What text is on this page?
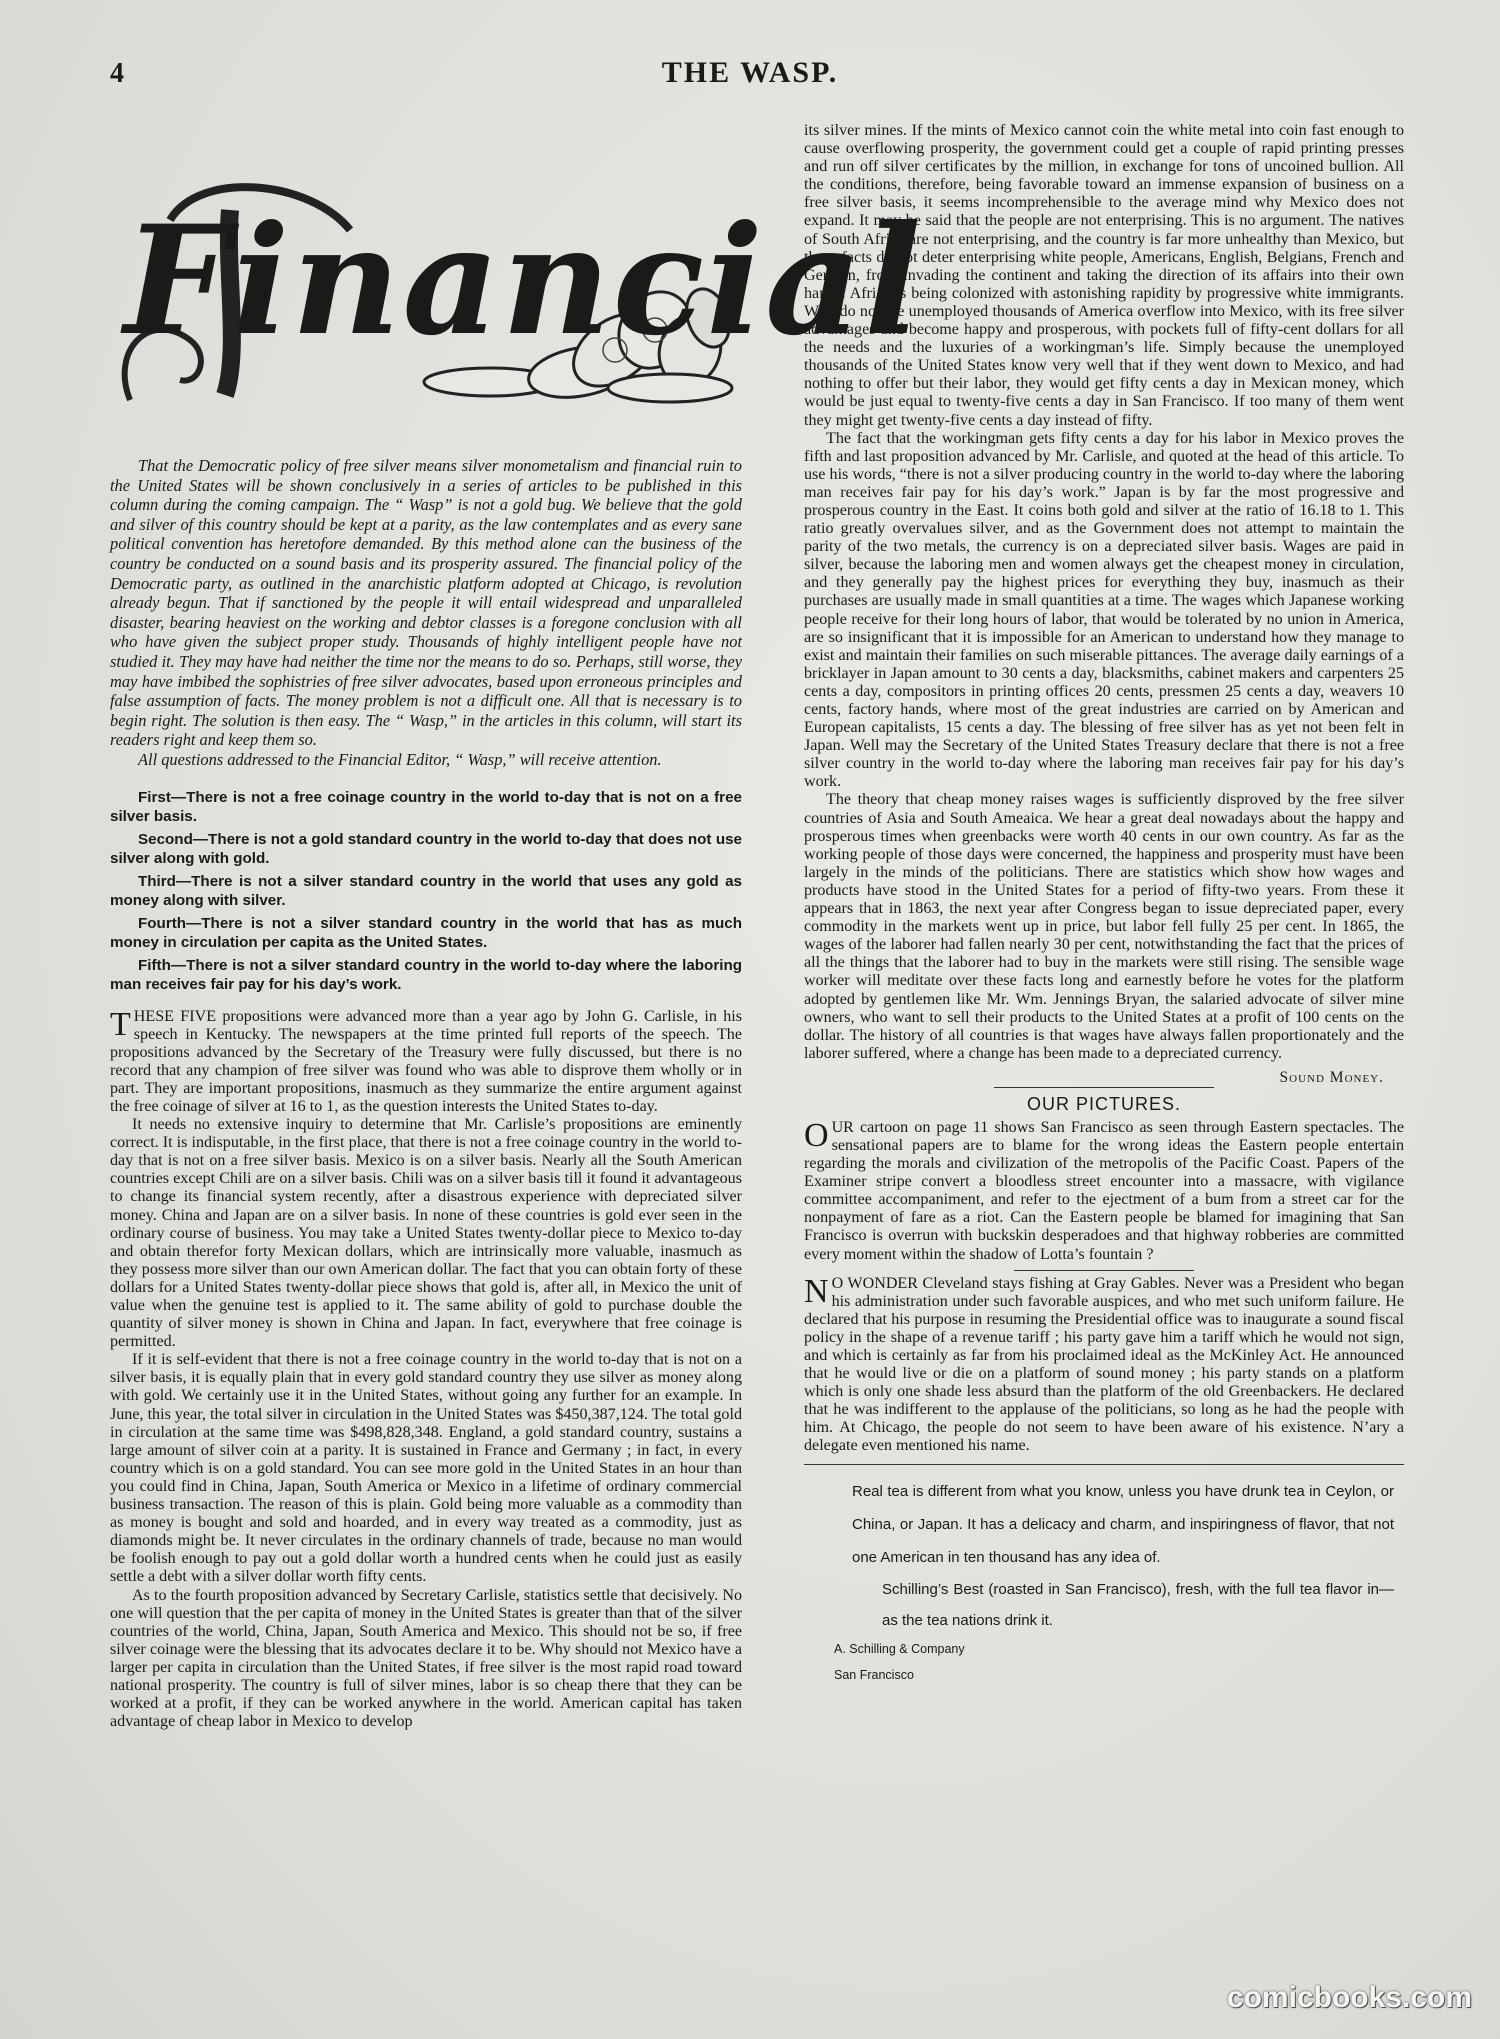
4	THE WASP.
Financial

That the Democratic policy of free silver means silver monometalism and financial ruin to the United States will be shown conclusively in a series of articles to be published in this column during the coming campaign. The “ Wasp” is not a gold bug. We believe that the gold and silver of this country should be kept at a parity, as the law contemplates and as every sane political convention has heretofore demanded. By this method alone can the business of the country be conducted on a sound basis and its prosperity assured. The financial policy of the Democratic party, as outlined in the anarchistic platform adopted at Chicago, is revolution already begun. That if sanctioned by the people it will entail widespread and unparalleled disaster, bearing heaviest on the working and debtor classes is a foregone conclusion with all who have given the subject proper study. Thousands of highly intelligent people have not studied it. They may have had neither the time nor the means to do so. Perhaps, still worse, they may have imbibed the sophistries of free silver advocates, based upon erroneous principles and false assumption of facts. The money problem is not a difficult one. All that is necessary is to begin right. The solution is then easy. The “ Wasp,” in the articles in this column, will start its readers right and keep them so.

All questions addressed to the Financial Editor, “ Wasp,” will receive attention.

First—There is not a free coinage country in the world to-day that is not on a free silver basis.

Second—There is not a gold standard country in the world to-day that does not use silver along with gold.

Third—There is not a silver standard country in the world that uses any gold as money along with silver.

Fourth—There is not a silver standard country in the world that has as much money in circulation per capita as the United States.

Fifth—There is not a silver standard country in the world to-day where the laboring man receives fair pay for his day’s work.

THESE FIVE propositions were advanced more than a year ago by John G. Carlisle, in his speech in Kentucky. The newspapers at the time printed full reports of the speech. The propositions advanced by the Secretary of the Treasury were fully discussed, but there is no record that any champion of free silver was found who was able to disprove them wholly or in part. They are important propositions, inasmuch as they summarize the entire argument against the free coinage of silver at 16 to 1, as the question interests the United States to-day.

It needs no extensive inquiry to determine that Mr. Carlisle’s propositions are eminently correct. It is indisputable, in the first place, that there is not a free coinage country in the world to-day that is not on a free silver basis. Mexico is on a silver basis. Nearly all the South American countries except Chili are on a silver basis. Chili was on a silver basis till it found it advantageous to change its financial system recently, after a disastrous experience with depreciated silver money. China and Japan are on a silver basis. In none of these countries is gold ever seen in the ordinary course of business. You may take a United States twenty-dollar piece to Mexico to-day and obtain therefor forty Mexican dollars, which are intrinsically more valuable, inasmuch as they possess more silver than our own American dollar. The fact that you can obtain forty of these dollars for a United States twenty-dollar piece shows that gold is, after all, in Mexico the unit of value when the genuine test is applied to it. The same ability of gold to purchase double the quantity of silver money is shown in China and Japan. In fact, everywhere that free coinage is permitted.

If it is self-evident that there is not a free coinage country in the world to-day that is not on a silver basis, it is equally plain that in every gold standard country they use silver as money along with gold. We certainly use it in the United States, without going any further for an example. In June, this year, the total silver in circulation in the United States was $450,387,124. The total gold in circulation at the same time was $498,828,348. England, a gold standard country, sustains a large amount of silver coin at a parity. It is sustained in France and Germany ; in fact, in every country which is on a gold standard. You can see more gold in the United States in an hour than you could find in China, Japan, South America or Mexico in a lifetime of ordinary commercial business transaction. The reason of this is plain. Gold being more valuable as a commodity than as money is bought and sold and hoarded, and in every way treated as a commodity, just as diamonds might be. It never circulates in the ordinary channels of trade, because no man would be foolish enough to pay out a gold dollar worth a hundred cents when he could just as easily settle a debt with a silver dollar worth fifty cents.

As to the fourth proposition advanced by Secretary Carlisle, statistics settle that decisively. No one will question that the per capita of money in the United States is greater than that of the silver countries of the world, China, Japan, South America and Mexico. This should not be so, if free silver coinage were the blessing that its advocates declare it to be. Why should not Mexico have a larger per capita in circulation than the United States, if free silver is the most rapid road toward national prosperity. The country is full of silver mines, labor is so cheap there that they can be worked at a profit, if they can be worked anywhere in the world. American capital has taken advantage of cheap labor in Mexico to develop

its silver mines. If the mints of Mexico cannot coin the white metal into coin fast enough to cause overflowing prosperity, the government could get a couple of rapid printing presses and run off silver certificates by the million, in exchange for tons of uncoined bullion. All the conditions, therefore, being favorable toward an immense expansion of business on a free silver basis, it seems incomprehensible to the average mind why Mexico does not expand. It may be said that the people are not enterprising. This is no argument. The natives of South Africa are not enterprising, and the country is far more unhealthy than Mexico, but these facts do not deter enterprising white people, Americans, English, Belgians, French and German, from invading the continent and taking the direction of its affairs into their own hands. Africa is being colonized with astonishing rapidity by progressive white immigrants. Why do not the unemployed thousands of America overflow into Mexico, with its free silver advantages and become happy and prosperous, with pockets full of fifty-cent dollars for all the needs and the luxuries of a workingman’s life. Simply because the unemployed thousands of the United States know very well that if they went down to Mexico, and had nothing to offer but their labor, they would get fifty cents a day in Mexican money, which would be just equal to twenty-five cents a day in San Francisco. If too many of them went they might get twenty-five cents a day instead of fifty.

The fact that the workingman gets fifty cents a day for his labor in Mexico proves the fifth and last proposition advanced by Mr. Carlisle, and quoted at the head of this article. To use his words, “there is not a silver producing country in the world to-day where the laboring man receives fair pay for his day’s work.” Japan is by far the most progressive and prosperous country in the East. It coins both gold and silver at the ratio of 16.18 to 1. This ratio greatly overvalues silver, and as the Government does not attempt to maintain the parity of the two metals, the currency is on a depreciated silver basis. Wages are paid in silver, because the laboring men and women always get the cheapest money in circulation, and they generally pay the highest prices for everything they buy, inasmuch as their purchases are usually made in small quantities at a time. The wages which Japanese working people receive for their long hours of labor, that would be tolerated by no union in America, are so insignificant that it is impossible for an American to understand how they manage to exist and maintain their families on such miserable pittances. The average daily earnings of a bricklayer in Japan amount to 30 cents a day, blacksmiths, cabinet makers and carpenters 25 cents a day, compositors in printing offices 20 cents, pressmen 25 cents a day, weavers 10 cents, factory hands, where most of the great industries are carried on by American and European capitalists, 15 cents a day. The blessing of free silver has as yet not been felt in Japan. Well may the Secretary of the United States Treasury declare that there is not a free silver country in the world to-day where the laboring man receives fair pay for his day’s work.

The theory that cheap money raises wages is sufficiently disproved by the free silver countries of Asia and South Ameaica. We hear a great deal nowadays about the happy and prosperous times when greenbacks were worth 40 cents in our own country. As far as the working people of those days were concerned, the happiness and prosperity must have been largely in the minds of the politicians. There are statistics which show how wages and products have stood in the United States for a period of fifty-two years. From these it appears that in 1863, the next year after Congress began to issue depreciated paper, every commodity in the markets went up in price, but labor fell fully 25 per cent. In 1865, the wages of the laborer had fallen nearly 30 per cent, notwithstanding the fact that the prices of all the things that the laborer had to buy in the markets were still rising. The sensible wage worker will meditate over these facts long and earnestly before he votes for the platform adopted by gentlemen like Mr. Wm. Jennings Bryan, the salaried advocate of silver mine owners, who want to sell their products to the United States at a profit of 100 cents on the dollar. The history of all countries is that wages have always fallen proportionately and the laborer suffered, where a change has been made to a depreciated currency.

Sound Money.
OUR PICTURES.

OUR cartoon on page 11 shows San Francisco as seen through Eastern spectacles. The sensational papers are to blame for the wrong ideas the Eastern people entertain regarding the morals and civilization of the metropolis of the Pacific Coast. Papers of the Examiner stripe convert a bloodless street encounter into a massacre, with vigilance committee accompaniment, and refer to the ejectment of a bum from a street car for the nonpayment of fare as a riot. Can the Eastern people be blamed for imagining that San Francisco is overrun with buckskin desperadoes and that highway robberies are committed every moment within the shadow of Lotta’s fountain ?

NO WONDER Cleveland stays fishing at Gray Gables. Never was a President who began his administration under such favorable auspices, and who met such uniform failure. He declared that his purpose in resuming the Presidential office was to inaugurate a sound fiscal policy in the shape of a revenue tariff ; his party gave him a tariff which he would not sign, and which is certainly as far from his proclaimed ideal as the McKinley Act. He announced that he would live or die on a platform of sound money ; his party stands on a platform which is only one shade less absurd than the platform of the old Greenbackers. He declared that he was indifferent to the applause of the politicians, so long as he had the people with him. At Chicago, the people do not seem to have been aware of his existence. N’ary a delegate even mentioned his name.

Real tea is different from what you know, unless you have drunk tea in Ceylon, or China, or Japan. It has a delicacy and charm, and inspiringness of flavor, that not one American in ten thousand has any idea of.

Schilling’s Best (roasted in San Francisco), fresh, with the full tea flavor in—as the tea nations drink it.

A. Schilling & Company

San Francisco

comicbooks.com
